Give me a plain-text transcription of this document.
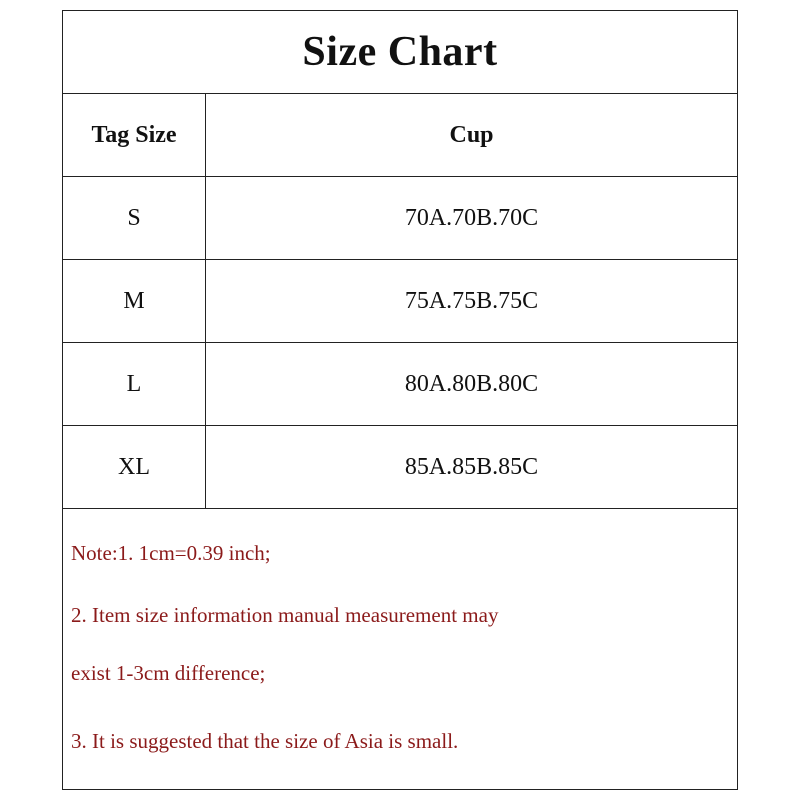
Size Chart
Tag Size	Cup
S	70A.70B.70C
M	75A.75B.75C
L	80A.80B.80C
XL	85A.85B.85C
Note:1. 1cm=0.39 inch;
2. Item size information manual measurement may
exist 1-3cm difference;
3. It is suggested that the size of Asia is small.
